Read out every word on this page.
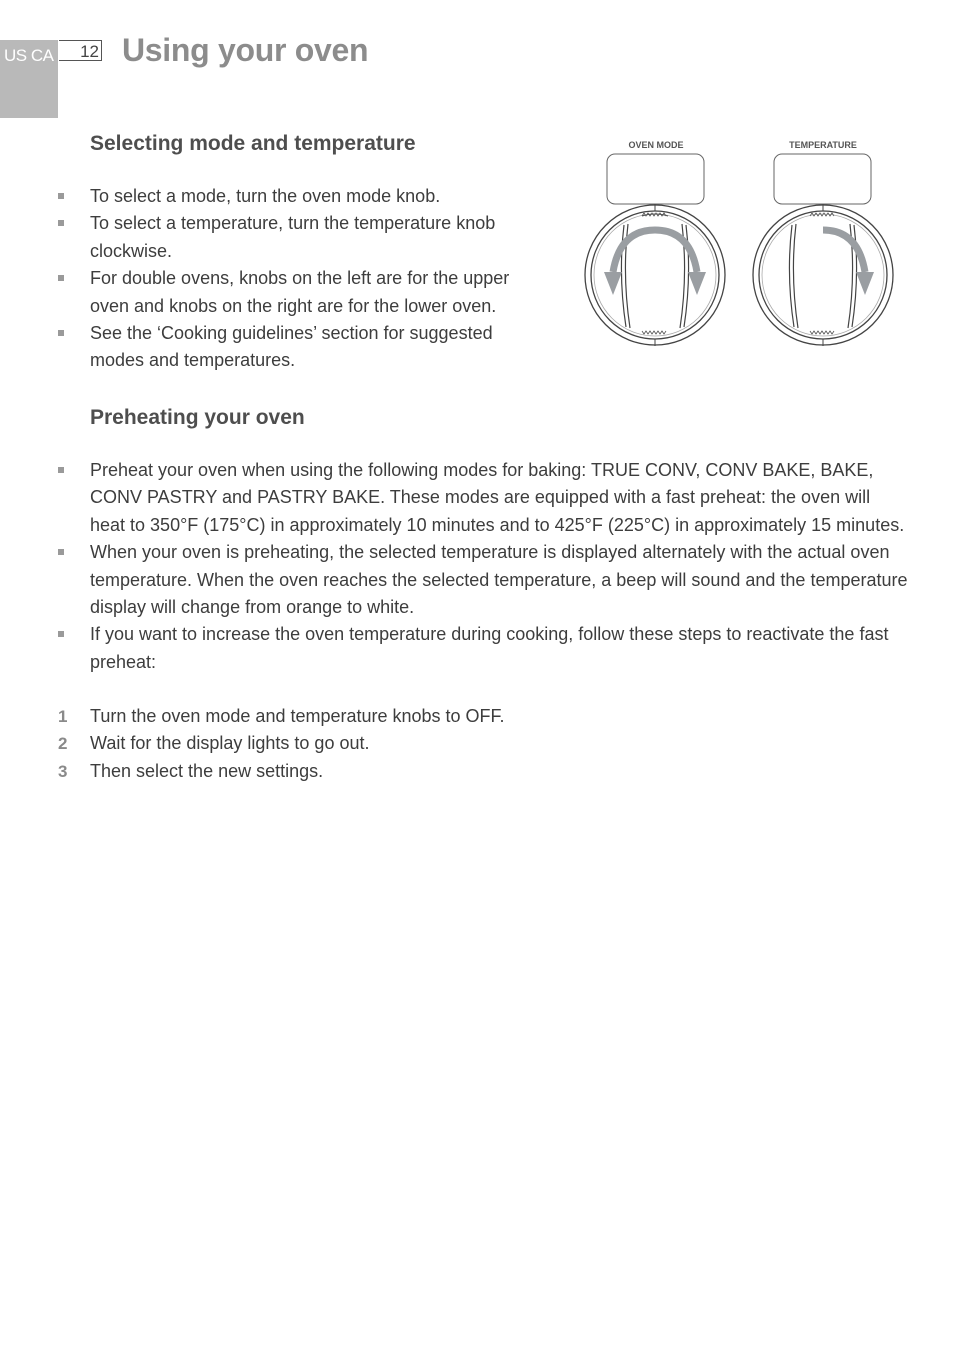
US CA	12 Using your oven
Selecting mode and temperature
To select a mode, turn the oven mode knob.
To select a temperature, turn the temperature knob clockwise.
For double ovens, knobs on the left are for the upper oven and knobs on the right are for the lower oven.
See the ‘Cooking guidelines’ section for suggested modes and temperatures.
OVEN MODE	TEMPERATURE
Preheating your oven
Preheat your oven when using the following modes for baking: TRUE CONV, CONV BAKE, BAKE, CONV PASTRY and PASTRY BAKE. These modes are equipped with a fast preheat: the oven will heat to 350°F (175°C) in approximately 10 minutes and to 425°F (225°C) in approximately 15 minutes.
When your oven is preheating, the selected temperature is displayed alternately with the actual oven temperature. When the oven reaches the selected temperature, a beep will sound and the temperature display will change from orange to white.
If you want to increase the oven temperature during cooking, follow these steps to reactivate the fast preheat:
1 Turn the oven mode and temperature knobs to OFF.
2 Wait for the display lights to go out.
3 Then select the new settings.
